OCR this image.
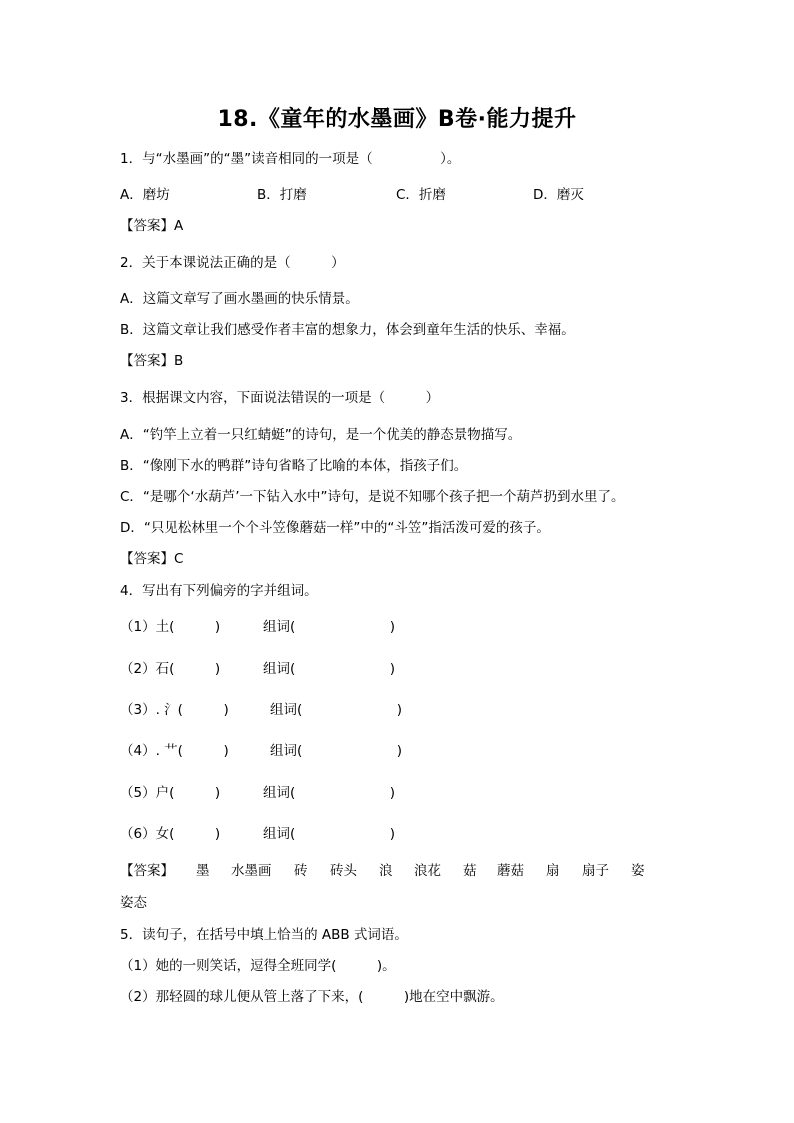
18.《童年的水墨画》B卷·能力提升
1．与“水墨画”的“墨”读音相同的一项是（　　　　　）。
A．磨坊	B．打磨	C．折磨	D．磨灭
【答案】A
2．关于本课说法正确的是（　　　）
A．这篇文章写了画水墨画的快乐情景。
B．这篇文章让我们感受作者丰富的想象力，体会到童年生活的快乐、幸福。
【答案】B
3．根据课文内容，下面说法错误的一项是（　　　）
A．“钓竿上立着一只红蜻蜓”的诗句，是一个优美的静态景物描写。
B．“像刚下水的鸭群”诗句省略了比喻的本体，指孩子们。
C．“是哪个‘水葫芦’一下钻入水中”诗句，是说不知哪个孩子把一个葫芦扔到水里了。
D．“只见松林里一个个斗笠像蘑菇一样”中的“斗笠”指活泼可爱的孩子。
【答案】C
4．写出有下列偏旁的字并组词。
（1）土(　　　)	组词(　　　　　　　)
（2）石(　　　)	组词(　　　　　　　)
（3）. 氵(　　　)	组词(　　　　　　　)
（4）. 艹(　　　)	组词(　　　　　　　)
（5）户(　　　)	组词(　　　　　　　)
（6）女(　　　)	组词(　　　　　　　)
【答案】 墨 水墨画 砖 砖头 浪 浪花 菇 蘑菇 扇 扇子 姿
姿态
5．读句子，在括号中填上恰当的 ABB 式词语。
（1）她的一则笑话，逗得全班同学(　　　)。
（2）那轻圆的球儿便从管上落了下来，(　　　)地在空中飘游。
